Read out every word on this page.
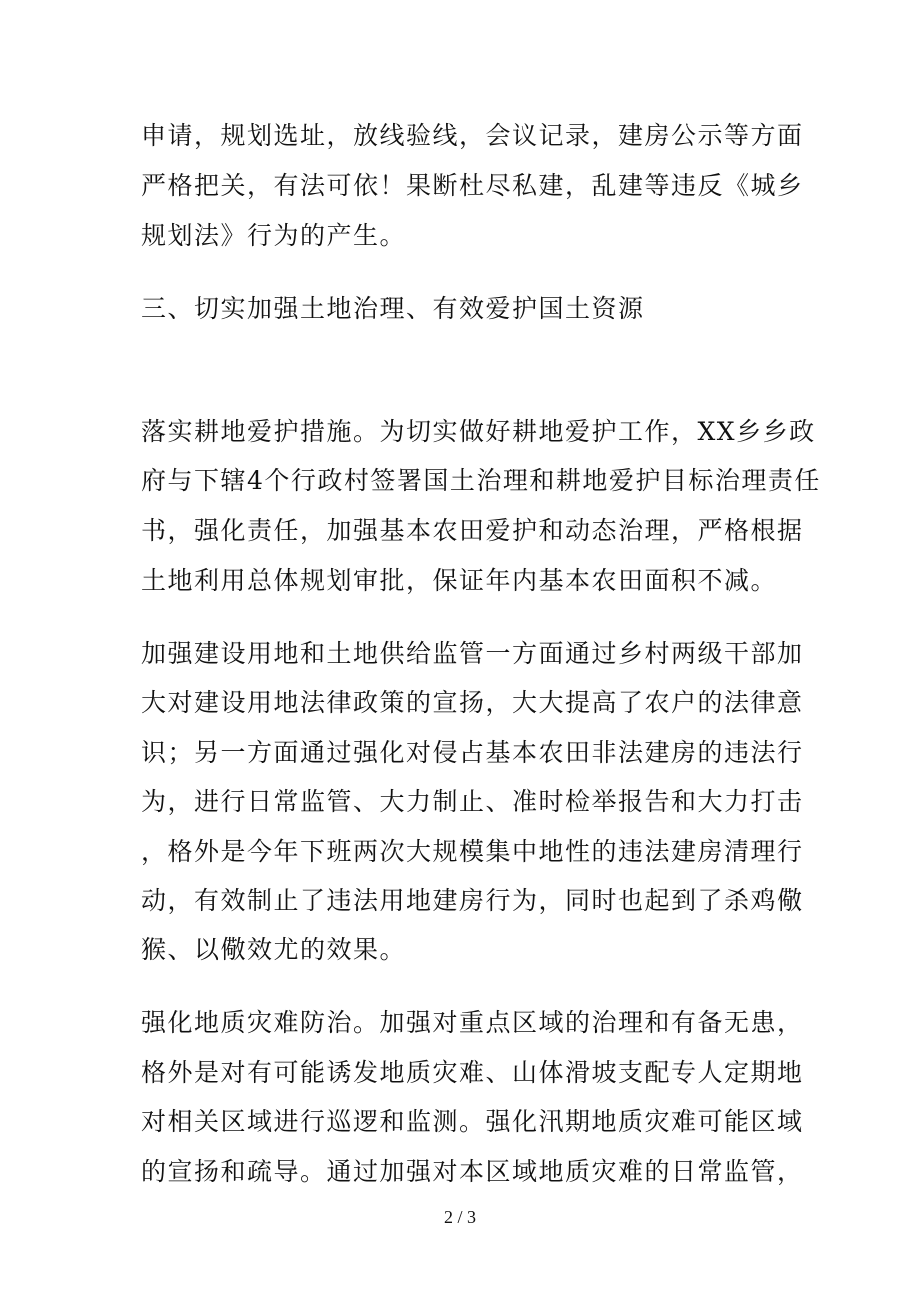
申请，规划选址，放线验线，会议记录，建房公示等方面
严格把关，有法可依！果断杜尽私建，乱建等违反《城乡
规划法》行为的产生。
三、切实加强土地治理、有效爱护国土资源
落实耕地爱护措施。为切实做好耕地爱护工作，XX乡乡政
府与下辖4个行政村签署国土治理和耕地爱护目标治理责任
书，强化责任，加强基本农田爱护和动态治理，严格根据
土地利用总体规划审批，保证年内基本农田面积不减。
加强建设用地和土地供给监管一方面通过乡村两级干部加
大对建设用地法律政策的宣扬，大大提高了农户的法律意
识；另一方面通过强化对侵占基本农田非法建房的违法行
为，进行日常监管、大力制止、准时检举报告和大力打击
，格外是今年下班两次大规模集中地性的违法建房清理行
动，有效制止了违法用地建房行为，同时也起到了杀鸡儆
猴、以儆效尤的效果。
强化地质灾难防治。加强对重点区域的治理和有备无患，
格外是对有可能诱发地质灾难、山体滑坡支配专人定期地
对相关区域进行巡逻和监测。强化汛期地质灾难可能区域
的宣扬和疏导。通过加强对本区域地质灾难的日常监管，
2 / 3
